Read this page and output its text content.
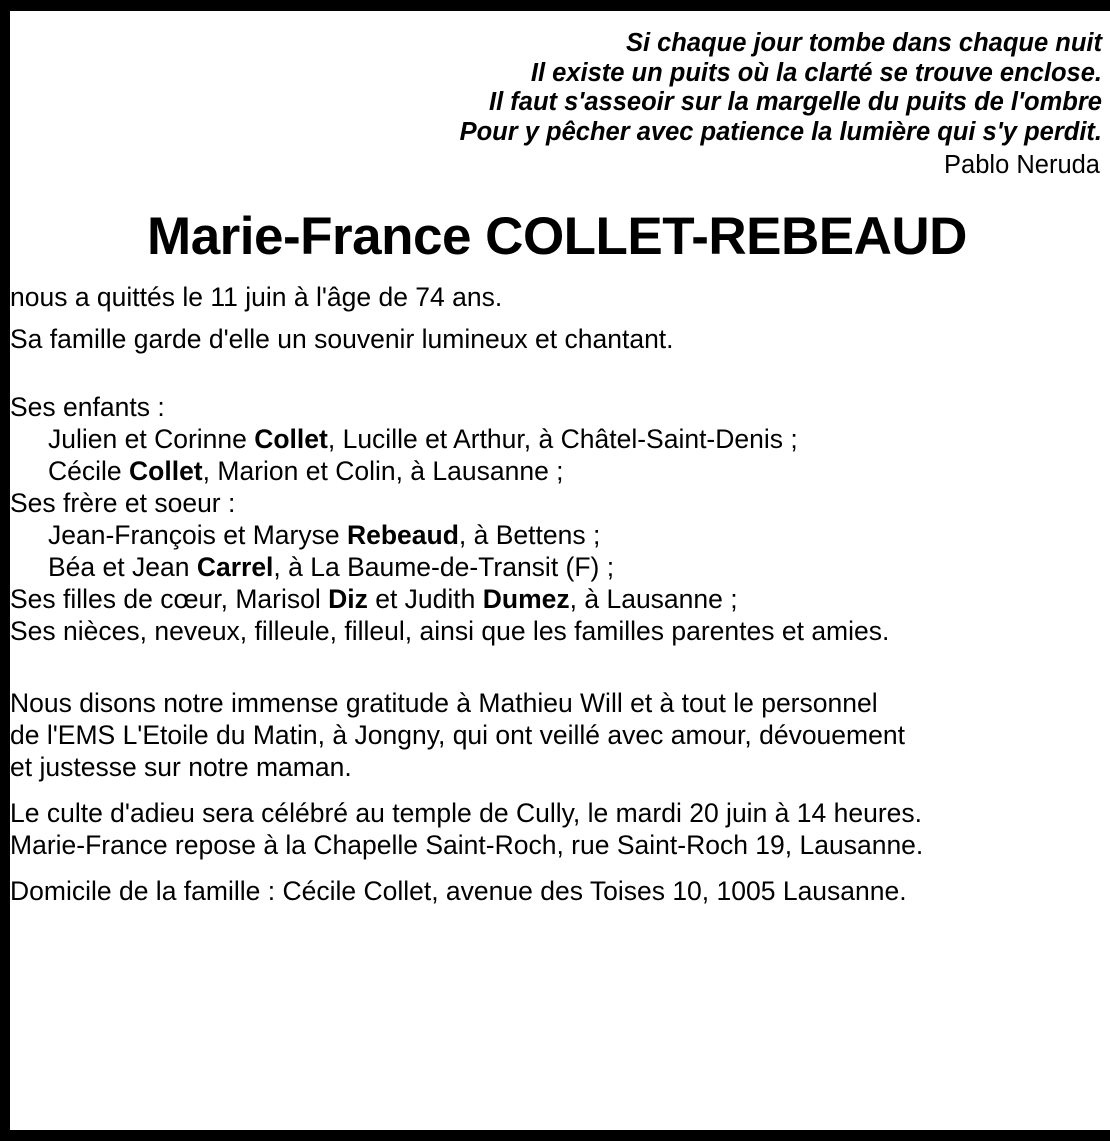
Si chaque jour tombe dans chaque nuit
Il existe un puits où la clarté se trouve enclose.
Il faut s'asseoir sur la margelle du puits de l'ombre
Pour y pêcher avec patience la lumière qui s'y perdit.
Pablo Neruda
Marie-France COLLET-REBEAUD

nous a quittés le 11 juin à l'âge de 74 ans.

Sa famille garde d'elle un souvenir lumineux et chantant.

Ses enfants :
Julien et Corinne Collet, Lucille et Arthur, à Châtel-Saint-Denis ;
Cécile Collet, Marion et Colin, à Lausanne ;
Ses frère et soeur :
Jean-François et Maryse Rebeaud, à Bettens ;
Béa et Jean Carrel, à La Baume-de-Transit (F) ;
Ses filles de cœur, Marisol Diz et Judith Dumez, à Lausanne ;
Ses nièces, neveux, filleule, filleul, ainsi que les familles parentes et amies.
Nous disons notre immense gratitude à Mathieu Will et à tout le personnel
de l'EMS L'Etoile du Matin, à Jongny, qui ont veillé avec amour, dévouement
et justesse sur notre maman.
Le culte d'adieu sera célébré au temple de Cully, le mardi 20 juin à 14 heures.
Marie-France repose à la Chapelle Saint-Roch, rue Saint-Roch 19, Lausanne.

Domicile de la famille : Cécile Collet, avenue des Toises 10, 1005 Lausanne.
